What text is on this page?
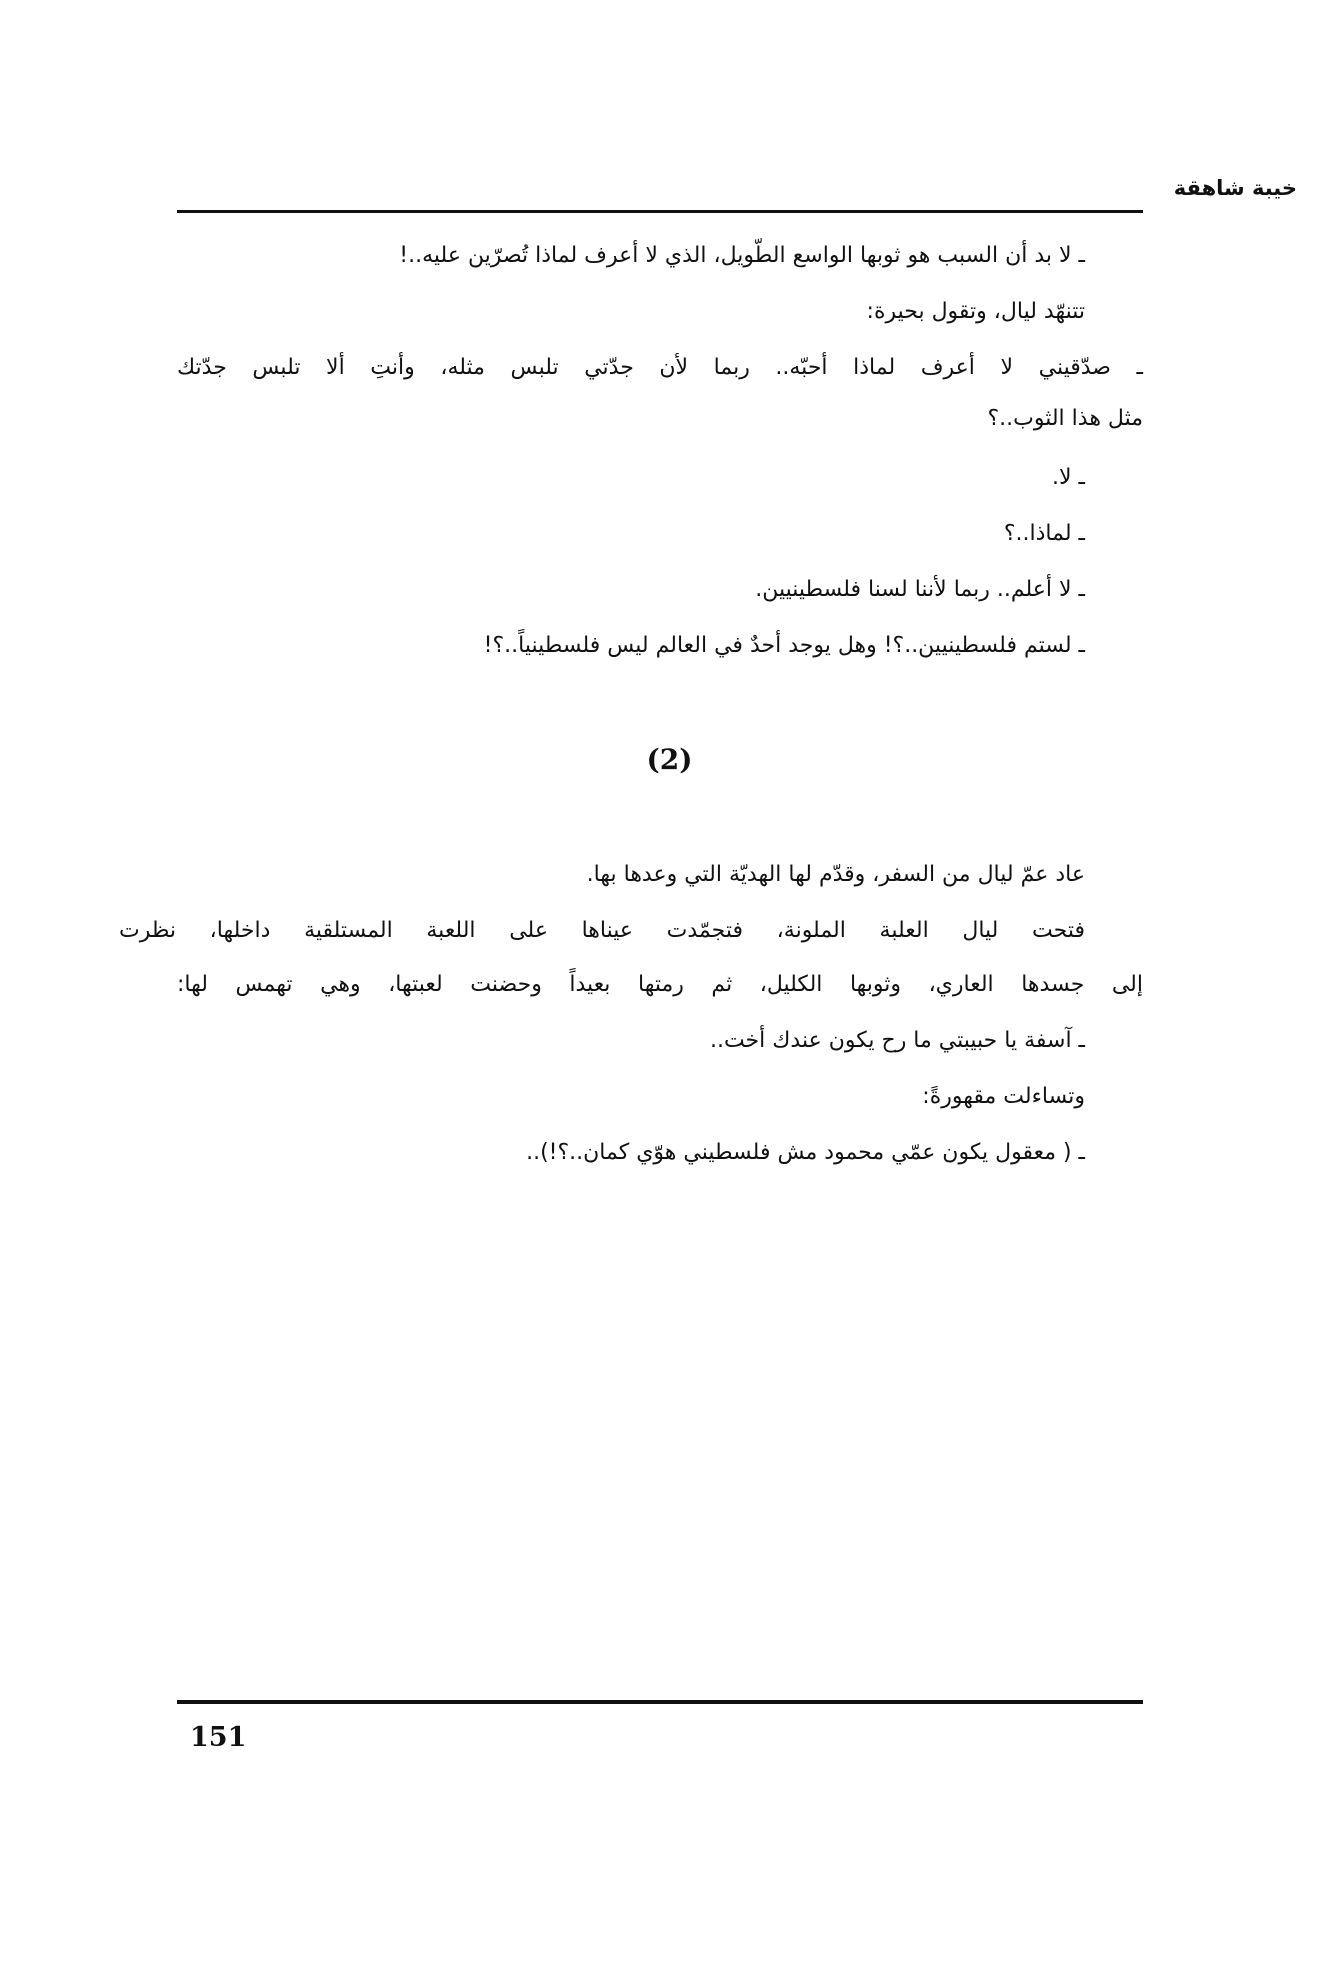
خيبة شاهقة
ـ لا بد أن السبب هو ثوبها الواسع الطّويل، الذي لا أعرف لماذا تُصرّين عليه..!
تتنهّد ليال، وتقول بحيرة:
ـ صدّقيني لا أعرف لماذا أحبّه.. ربما لأن جدّتي تلبس مثله، وأنتِ ألا تلبس جدّتك
مثل هذا الثوب..؟
ـ لا.
ـ لماذا..؟
ـ لا أعلم.. ربما لأننا لسنا فلسطينيين.
ـ لستم فلسطينيين..؟! وهل يوجد أحدٌ في العالم ليس فلسطينياً..؟!
(2)
عاد عمّ ليال من السفر، وقدّم لها الهديّة التي وعدها بها.
فتحت ليال العلبة الملونة، فتجمّدت عيناها على اللعبة المستلقية داخلها، نظرت
إلى جسدها العاري، وثوبها الكليل، ثم رمتها بعيداً وحضنت لعبتها، وهي تهمس لها:
ـ آسفة يا حبيبتي ما رح يكون عندك أخت..
وتساءلت مقهورةً:
ـ ( معقول يكون عمّي محمود مش فلسطيني هوّي كمان..؟!)..
151
